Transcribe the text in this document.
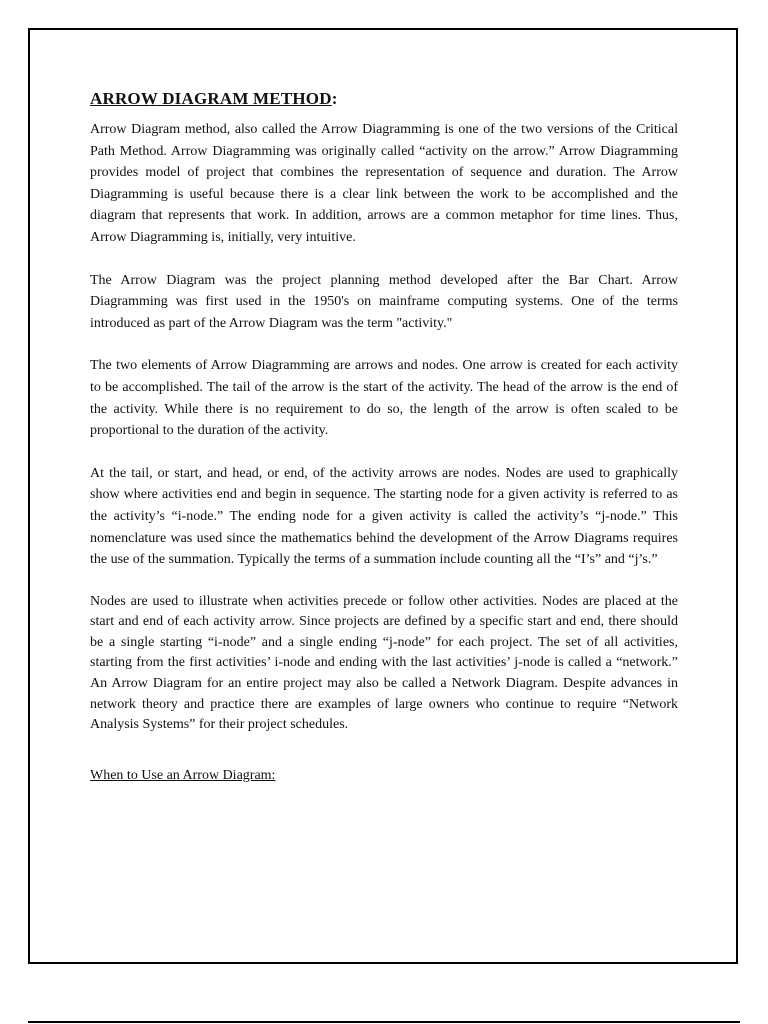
ARROW DIAGRAM METHOD:

Arrow Diagram method, also called the Arrow Diagramming is one of the two versions of the Critical Path Method. Arrow Diagramming was originally called “activity on the arrow.” Arrow Diagramming provides model of project that combines the representation of sequence and duration. The Arrow Diagramming is useful because there is a clear link between the work to be accomplished and the diagram that represents that work. In addition, arrows are a common metaphor for time lines. Thus, Arrow Diagramming is, initially, very intuitive.

The Arrow Diagram was the project planning method developed after the Bar Chart. Arrow Diagramming was first used in the 1950's on mainframe computing systems. One of the terms introduced as part of the Arrow Diagram was the term "activity."

The two elements of Arrow Diagramming are arrows and nodes. One arrow is created for each activity to be accomplished. The tail of the arrow is the start of the activity. The head of the arrow is the end of the activity. While there is no requirement to do so, the length of the arrow is often scaled to be proportional to the duration of the activity.

At the tail, or start, and head, or end, of the activity arrows are nodes. Nodes are used to graphically show where activities end and begin in sequence. The starting node for a given activity is referred to as the activity’s “i-node.” The ending node for a given activity is called the activity’s “j-node.” This nomenclature was used since the mathematics behind the development of the Arrow Diagrams requires the use of the summation. Typically the terms of a summation include counting all the “I’s” and “j’s.”

Nodes are used to illustrate when activities precede or follow other activities. Nodes are placed at the start and end of each activity arrow. Since projects are defined by a specific start and end, there should be a single starting “i-node” and a single ending “j-node” for each project. The set of all activities, starting from the first activities’ i-node and ending with the last activities’ j-node is called a “network.” An Arrow Diagram for an entire project may also be called a Network Diagram. Despite advances in network theory and practice there are examples of large owners who continue to require “Network Analysis Systems” for their project schedules.

When to Use an Arrow Diagram:
